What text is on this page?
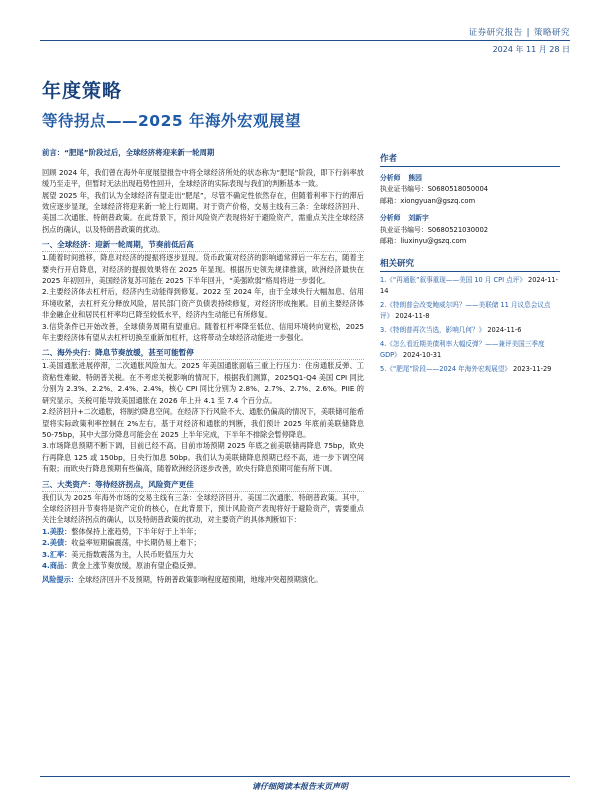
证券研究报告 | 策略研究
2024 年 11 月 28 日
年度策略
等待拐点——2025 年海外宏观展望

前言：“肥尾”阶段过后，全球经济将迎来新一轮周期

回顾 2024 年，我们曾在海外年度展望报告中将全球经济所处的状态称为“肥尾”阶段，即下行斜率放缓乃至走平，但暂时无法出现趋势性回升，全球经济的实际表现与我们的判断基本一致。

展望 2025 年，我们认为全球经济有望走出“肥尾”，尽管不确定性依然存在，但随着利率下行的滞后效应逐步显现，全球经济将迎来新一轮上行周期。对于资产价格，交易主线有三条：全球经济回升、美国二次通胀、特朗普政策。在此背景下，预计风险资产表现将好于避险资产，需重点关注全球经济拐点的确认，以及特朗普政策的扰动。

一、全球经济：迎新一轮周期，节奏前低后高

1.随着时间推移，降息对经济的提振将逐步显现。货币政策对经济的影响通常滞后一年左右，随着主要央行开启降息，对经济的提振效果将在 2025 年显现。根据历史领先规律推演，欧洲经济最快在 2025 年初回升，美国经济复苏可能在 2025 下半年回升，“美强欧弱”格局将进一步弱化。

2.主要经济体去杠杆后，经济内生动能得到修复。2022 至 2024 年，由于全球央行大幅加息、信用环境收紧，去杠杆充分释放风险，居民部门资产负债表持续修复，对经济形成拖累。目前主要经济体非金融企业和居民杠杆率均已降至较低水平，经济内生动能已有所修复。

3.信贷条件已开始改善，全球债务周期有望重启。随着杠杆率降至低位、信用环境转向宽松，2025 年主要经济体有望从去杠杆切换至重新加杠杆，这将带动全球经济动能进一步强化。

二、海外央行：降息节奏放缓，甚至可能暂停

1.美国通胀进展停滞，二次通胀风险加大。2025 年美国通胀面临三重上行压力：住房通胀反弹、工资粘性难破、特朗普关税。在不考虑关税影响的情况下，根据我们测算，2025Q1-Q4 美国 CPI 同比分别为 2.3%、2.2%、2.4%、2.4%，核心 CPI 同比分别为 2.8%、2.7%、2.7%、2.6%。PIIE 的研究显示，关税可能导致美国通胀在 2026 年上升 4.1 至 7.4 个百分点。

2.经济回升+二次通胀，将制约降息空间。在经济下行风险不大、通胀仍偏高的情况下，美联储可能希望将实际政策利率控制在 2%左右，基于对经济和通胀的判断，我们预计 2025 年底前美联储降息 50-75bp，其中大部分降息可能会在 2025 上半年完成，下半年不排除会暂停降息。

3.市场降息预期不断下调，目前已经不高。目前市场预期 2025 年底之前美联储再降息 75bp，欧央行再降息 125 或 150bp，日央行加息 50bp。我们认为美联储降息预期已经不高，进一步下调空间有限；而欧央行降息预期有些偏高，随着欧洲经济逐步改善，欧央行降息预期可能有所下调。

三、大类资产：等待经济拐点，风险资产更佳

我们认为 2025 年海外市场的交易主线有三条：全球经济回升、美国二次通胀、特朗普政策。其中，全球经济回升节奏将是资产定价的核心，在此背景下，预计风险资产表现将好于避险资产，需要重点关注全球经济拐点的确认，以及特朗普政策的扰动，对主要资产的具体判断如下：

1.美股：整体保持上涨趋势，下半年好于上半年；

2.美债：收益率短期偏震荡，中长期仍易上难下；

3.汇率：美元指数震荡为主，人民币贬值压力大

4.商品：黄金上涨节奏放缓，原油有望企稳反弹。

风险提示：全球经济回升不及预期，特朗普政策影响程度超预期，地缘冲突超预期演化。

作者
分析师 熊园
执业证书编号：S0680518050004
邮箱：xiongyuan@gszq.com
分析师 刘新宇
执业证书编号：S0680521030002
邮箱：liuxinyu@gszq.com
相关研究
1.《“再通胀”叙事重现——美国 10 月 CPI 点评》 2024-11-14
2.《特朗普会改变鲍威尔吗？——美联储 11 月议息会议点评》 2024-11-8
3.《特朗普再次当选，影响几何？》 2024-11-6
4.《怎么看近期美债利率大幅反弹？——兼评美国三季度 GDP》 2024-10-31
5.《“肥尾”阶段——2024 年海外宏观展望》 2023-11-29
请仔细阅读本报告末页声明
